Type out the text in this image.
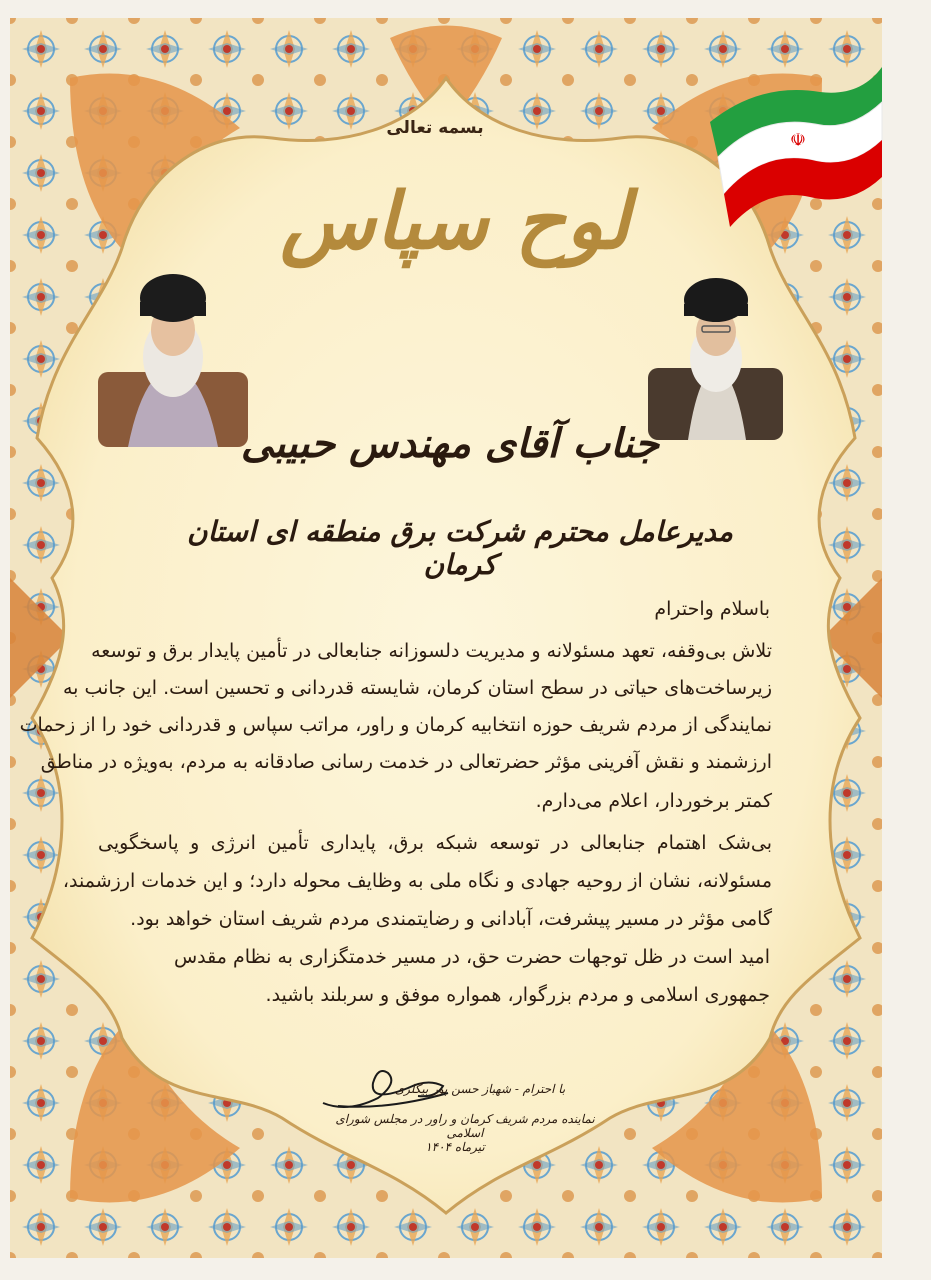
☫
بسمه تعالی
لوح سپاس
جناب آقای مهندس حبیبی
مدیرعامل محترم شرکت برق منطقه ای استان کرمان
باسلام واحترام
تلاش بی‌وقفه، تعهد مسئولانه و مدیریت دلسوزانه جنابعالی در تأمین پایدار برق و توسعه
زیرساخت‌های حیاتی در سطح استان کرمان، شایسته قدردانی و تحسین است. این جانب به
نمایندگی از مردم شریف حوزه انتخابیه کرمان و راور، مراتب سپاس و قدردانی خود را از زحمات
ارزشمند و نقش آفرینی مؤثر حضرتعالی در خدمت رسانی صادقانه به مردم، به‌ویژه در مناطق
کمتر برخوردار، اعلام می‌دارم.
بی‌شک اهتمام جنابعالی در توسعه شبکه برق، پایداری تأمین انرژی و پاسخگویی
مسئولانه، نشان از روحیه جهادی و نگاه ملی به وظایف محوله دارد؛ و این خدمات ارزشمند،
گامی مؤثر در مسیر پیشرفت، آبادانی و رضایتمندی مردم شریف استان خواهد بود.
امید است در ظل توجهات حضرت حق، در مسیر خدمتگزاری به نظام مقدس
جمهوری اسلامی و مردم بزرگوار، همواره موفق و سربلند باشید.
با احترام - شهباز حسن پور بیگلری
نماینده مردم شریف کرمان و راور در مجلس شورای اسلامی
تیرماه ۱۴۰۴
